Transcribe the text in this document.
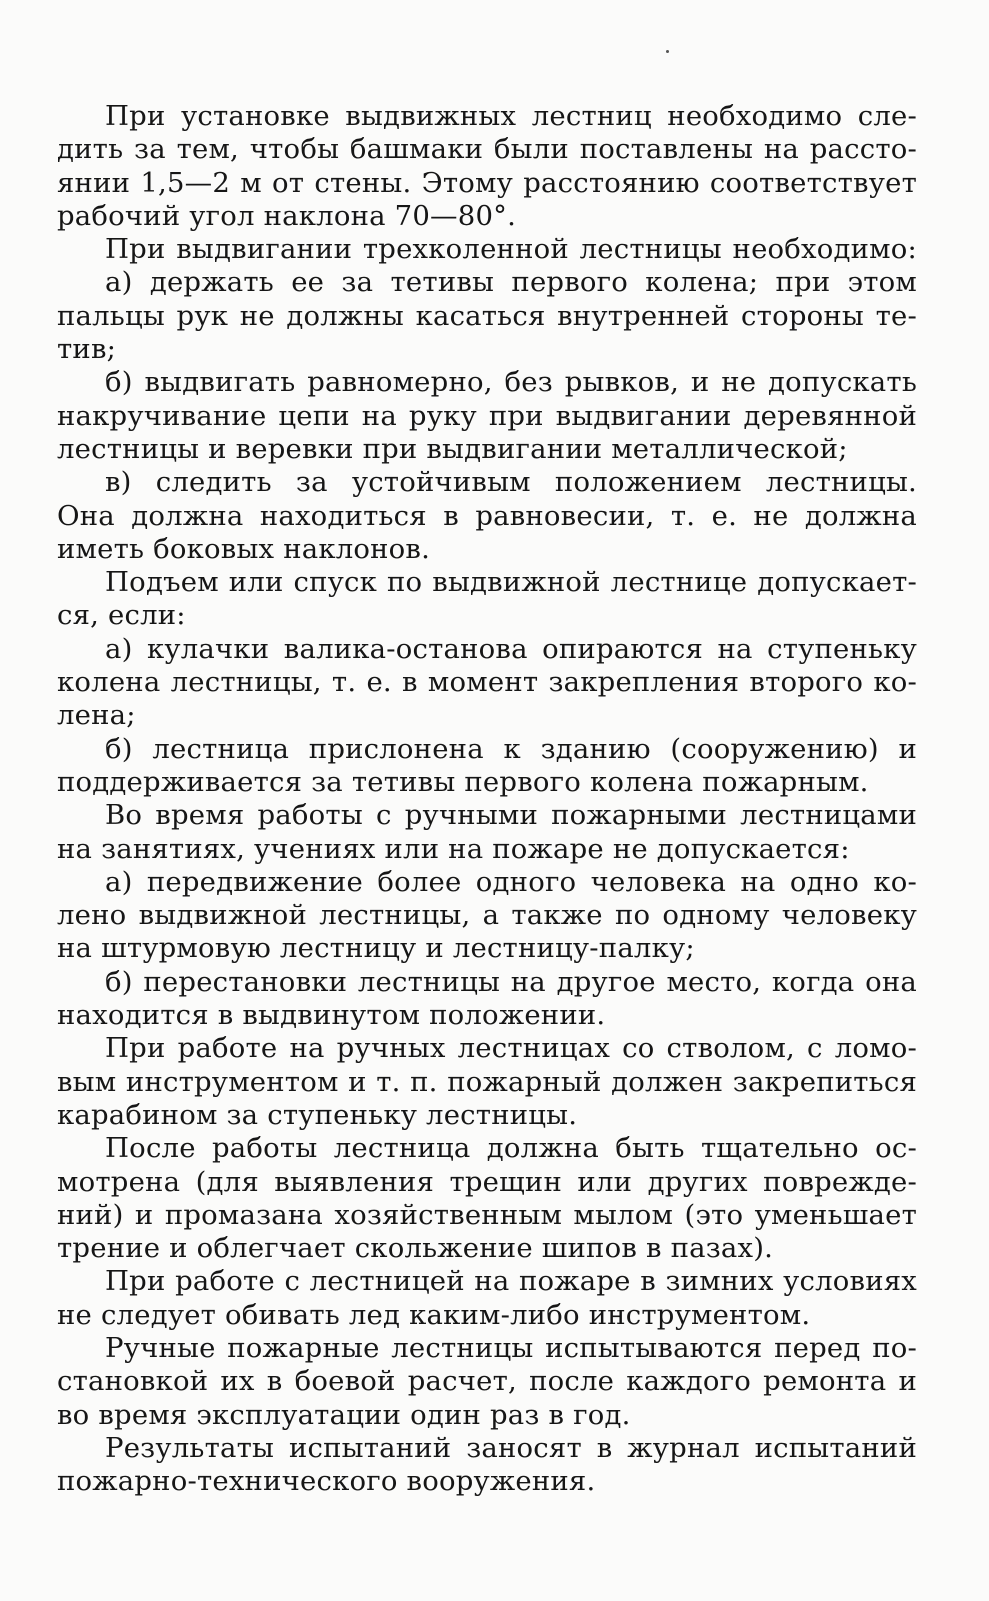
При установке выдвижных лестниц необходимо сле-
дить за тем, чтобы башмаки были поставлены на рассто-
янии 1,5—2 м от стены. Этому расстоянию соответствует
рабочий угол наклона 70—80°.
При выдвигании трехколенной лестницы необходимо:
а) держать ее за тетивы первого колена; при этом
пальцы рук не должны касаться внутренней стороны те-
тив;
б) выдвигать равномерно, без рывков, и не допускать
накручивание цепи на руку при выдвигании деревянной
лестницы и веревки при выдвигании металлической;
в) следить за устойчивым положением лестницы.
Она должна находиться в равновесии, т. е. не должна
иметь боковых наклонов.
Подъем или спуск по выдвижной лестнице допускает-
ся, если:
а) кулачки валика-останова опираются на ступеньку
колена лестницы, т. е. в момент закрепления второго ко-
лена;
б) лестница прислонена к зданию (сооружению) и
поддерживается за тетивы первого колена пожарным.
Во время работы с ручными пожарными лестницами
на занятиях, учениях или на пожаре не допускается:
а) передвижение более одного человека на одно ко-
лено выдвижной лестницы, а также по одному человеку
на штурмовую лестницу и лестницу-палку;
б) перестановки лестницы на другое место, когда она
находится в выдвинутом положении.
При работе на ручных лестницах со стволом, с ломо-
вым инструментом и т. п. пожарный должен закрепиться
карабином за ступеньку лестницы.
После работы лестница должна быть тщательно ос-
мотрена (для выявления трещин или других поврежде-
ний) и промазана хозяйственным мылом (это уменьшает
трение и облегчает скольжение шипов в пазах).
При работе с лестницей на пожаре в зимних условиях
не следует обивать лед каким-либо инструментом.
Ручные пожарные лестницы испытываются перед по-
становкой их в боевой расчет, после каждого ремонта и
во время эксплуатации один раз в год.
Результаты испытаний заносят в журнал испытаний
пожарно-технического вооружения.
